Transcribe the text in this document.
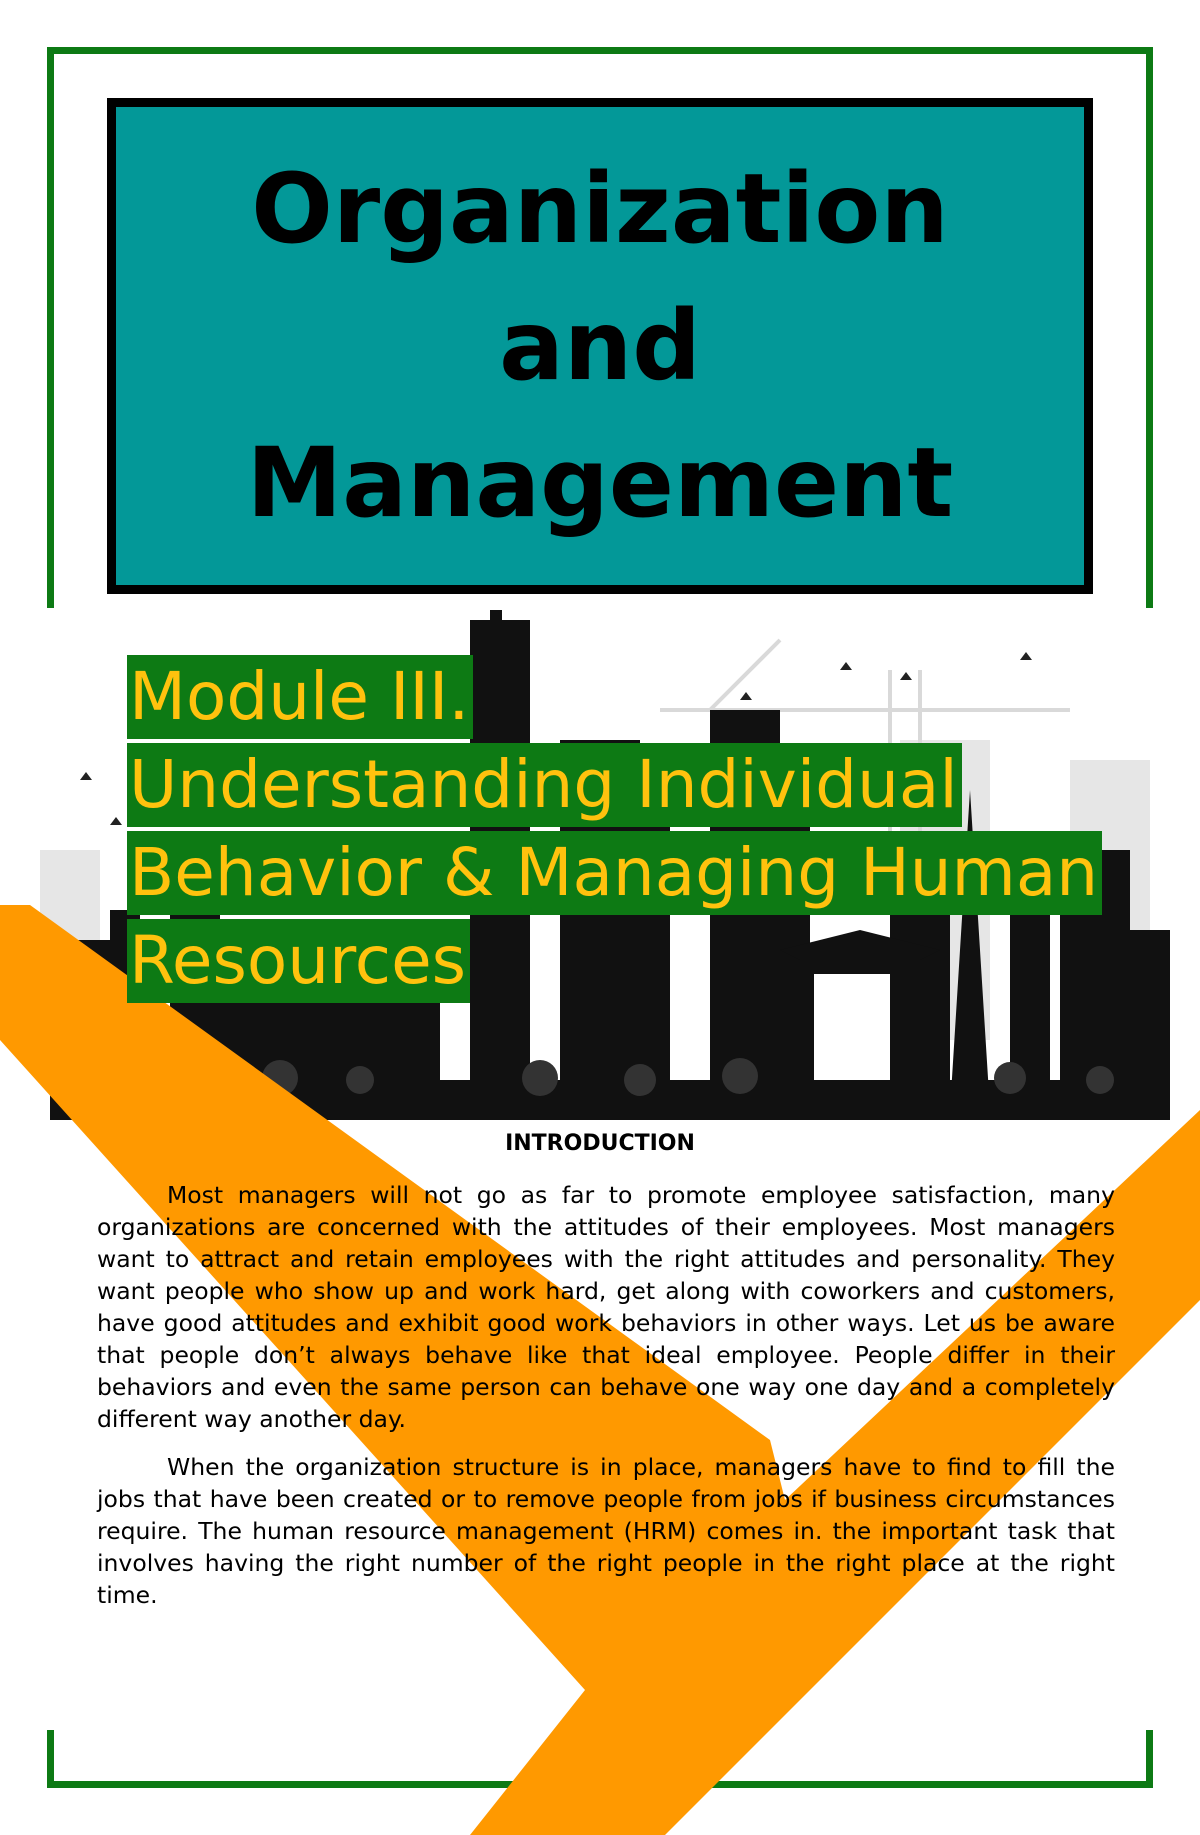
Organization
and
Management
Module III.
Understanding Individual
Behavior & Managing Human
Resources
INTRODUCTION

Most managers will not go as far to promote employee satisfaction, many organizations are concerned with the attitudes of their employees. Most managers want to attract and retain employees with the right attitudes and personality. They want people who show up and work hard, get along with coworkers and customers, have good attitudes and exhibit good work behaviors in other ways. Let us be aware that people don’t always behave like that ideal employee. People differ in their behaviors and even the same person can behave one way one day and a completely different way another day.

When the organization structure is in place, managers have to find to fill the jobs that have been created or to remove people from jobs if business circumstances require. The human resource management (HRM) comes in. the important task that involves having the right number of the right people in the right place at the right time.
